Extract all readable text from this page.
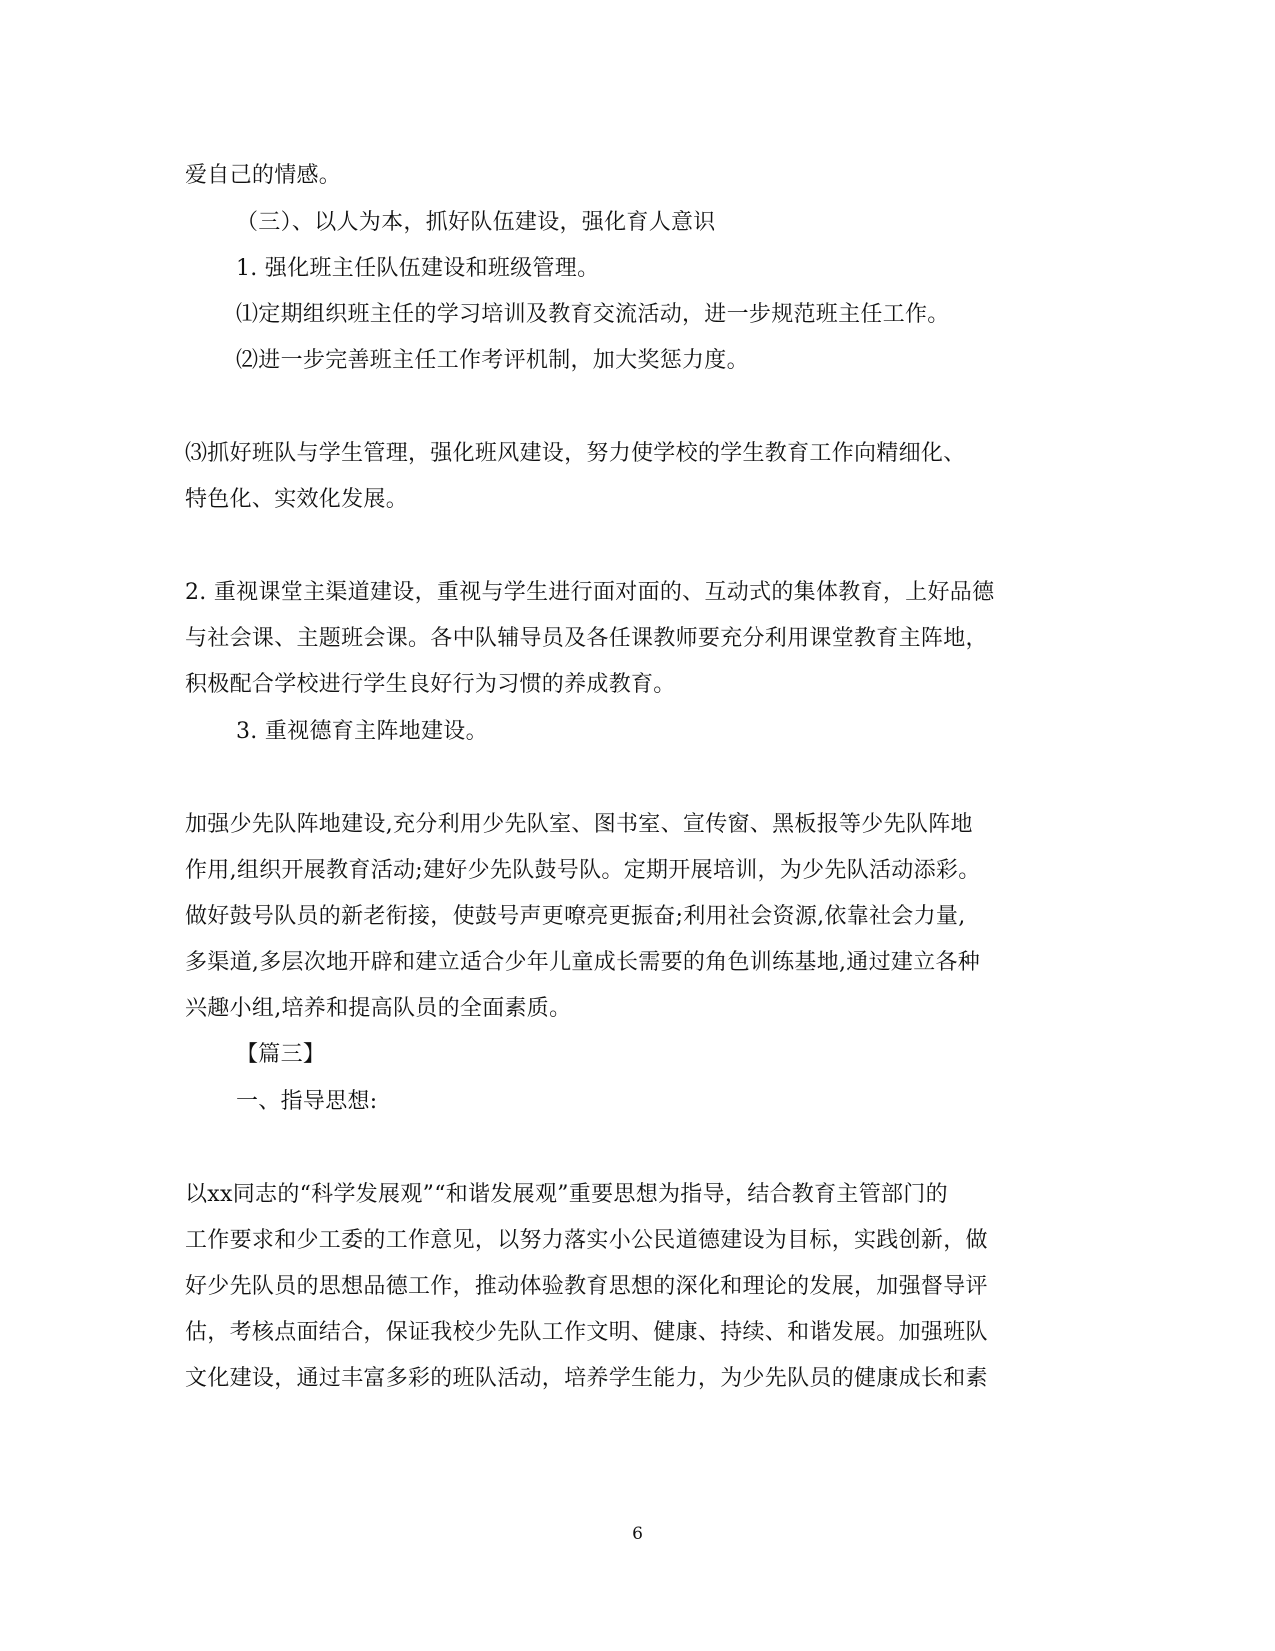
爱自己的情感。
（三）、以人为本，抓好队伍建设，强化育人意识
1. 强化班主任队伍建设和班级管理。
⑴定期组织班主任的学习培训及教育交流活动，进一步规范班主任工作。
⑵进一步完善班主任工作考评机制，加大奖惩力度。
⑶抓好班队与学生管理，强化班风建设，努力使学校的学生教育工作向精细化、
特色化、实效化发展。
2. 重视课堂主渠道建设，重视与学生进行面对面的、互动式的集体教育，上好品德
与社会课、主题班会课。各中队辅导员及各任课教师要充分利用课堂教育主阵地，
积极配合学校进行学生良好行为习惯的养成教育。
3. 重视德育主阵地建设。
加强少先队阵地建设,充分利用少先队室、图书室、宣传窗、黑板报等少先队阵地
作用,组织开展教育活动;建好少先队鼓号队。定期开展培训，为少先队活动添彩。
做好鼓号队员的新老衔接，使鼓号声更嘹亮更振奋;利用社会资源,依靠社会力量,
多渠道,多层次地开辟和建立适合少年儿童成长需要的角色训练基地,通过建立各种
兴趣小组,培养和提高队员的全面素质。
【篇三】
一、指导思想:
以xx同志的“科学发展观”“和谐发展观”重要思想为指导，结合教育主管部门的
工作要求和少工委的工作意见，以努力落实小公民道德建设为目标，实践创新，做
好少先队员的思想品德工作，推动体验教育思想的深化和理论的发展，加强督导评
估，考核点面结合，保证我校少先队工作文明、健康、持续、和谐发展。加强班队
文化建设，通过丰富多彩的班队活动，培养学生能力，为少先队员的健康成长和素
6
